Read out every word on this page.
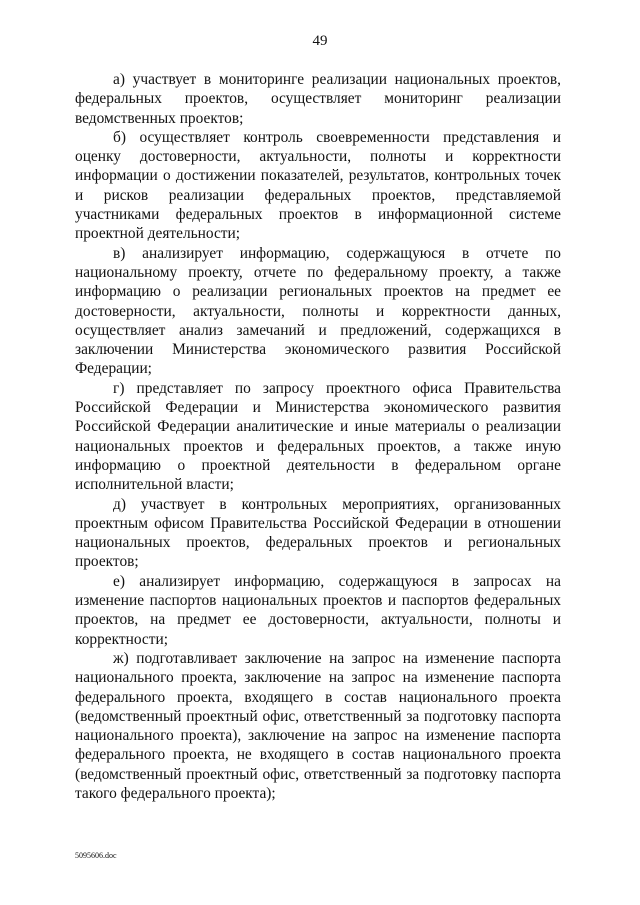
49

а) участвует в мониторинге реализации национальных проектов, федеральных проектов, осуществляет мониторинг реализации ведомственных проектов;

б) осуществляет контроль своевременности представления и оценку достоверности, актуальности, полноты и корректности информации о достижении показателей, результатов, контрольных точек и рисков реализации федеральных проектов, представляемой участниками федеральных проектов в информационной системе проектной деятельности;

в) анализирует информацию, содержащуюся в отчете по национальному проекту, отчете по федеральному проекту, а также информацию о реализации региональных проектов на предмет ее достоверности, актуальности, полноты и корректности данных, осуществляет анализ замечаний и предложений, содержащихся в заключении Министерства экономического развития Российской Федерации;

г) представляет по запросу проектного офиса Правительства Российской Федерации и Министерства экономического развития Российской Федерации аналитические и иные материалы о реализации национальных проектов и федеральных проектов, а также иную информацию о проектной деятельности в федеральном органе исполнительной власти;

д) участвует в контрольных мероприятиях, организованных проектным офисом Правительства Российской Федерации в отношении национальных проектов, федеральных проектов и региональных проектов;

е) анализирует информацию, содержащуюся в запросах на изменение паспортов национальных проектов и паспортов федеральных проектов, на предмет ее достоверности, актуальности, полноты и корректности;

ж) подготавливает заключение на запрос на изменение паспорта национального проекта, заключение на запрос на изменение паспорта федерального проекта, входящего в состав национального проекта (ведомственный проектный офис, ответственный за подготовку паспорта национального проекта), заключение на запрос на изменение паспорта федерального проекта, не входящего в состав национального проекта (ведомственный проектный офис, ответственный за подготовку паспорта такого федерального проекта);

5095606.doc
